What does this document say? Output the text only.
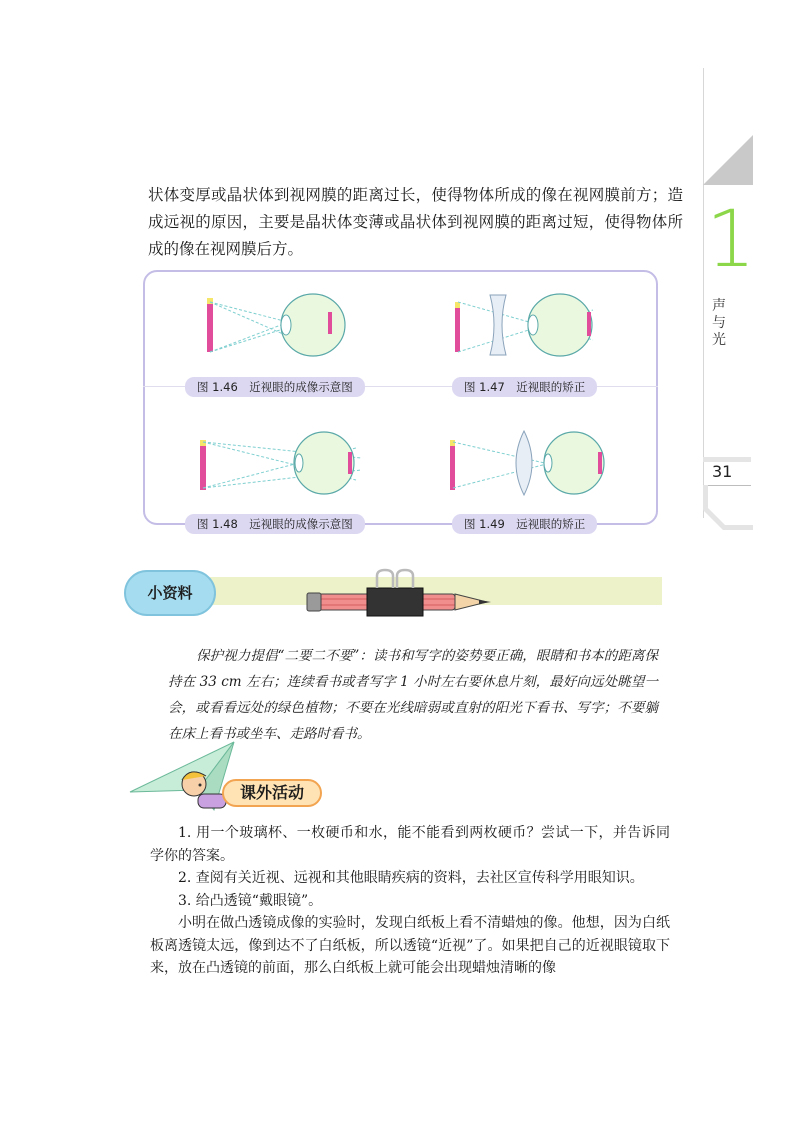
1
声与光
31

状体变厚或晶状体到视网膜的距离过长，使得物体所成的像在视网膜前方；造成远视的原因，主要是晶状体变薄或晶状体到视网膜的距离过短，使得物体所成的像在视网膜后方。

图 1.46　近视眼的成像示意图	图 1.47　近视眼的矫正
图 1.48　远视眼的成像示意图	图 1.49　远视眼的矫正
小资料
保护视力提倡“二要二不要”：读书和写字的姿势要正确，眼睛和书本的距离保持在 33 cm 左右；连续看书或者写字 1 小时左右要休息片刻，最好向远处眺望一会，或看看远处的绿色植物；不要在光线暗弱或直射的阳光下看书、写字；不要躺在床上看书或坐车、走路时看书。
课外活动

1. 用一个玻璃杯、一枚硬币和水，能不能看到两枚硬币？尝试一下，并告诉同学你的答案。

2. 查阅有关近视、远视和其他眼睛疾病的资料，去社区宣传科学用眼知识。

3. 给凸透镜“戴眼镜”。

小明在做凸透镜成像的实验时，发现白纸板上看不清蜡烛的像。他想，因为白纸板离透镜太远，像到达不了白纸板，所以透镜“近视”了。如果把自己的近视眼镜取下来，放在凸透镜的前面，那么白纸板上就可能会出现蜡烛清晰的像
